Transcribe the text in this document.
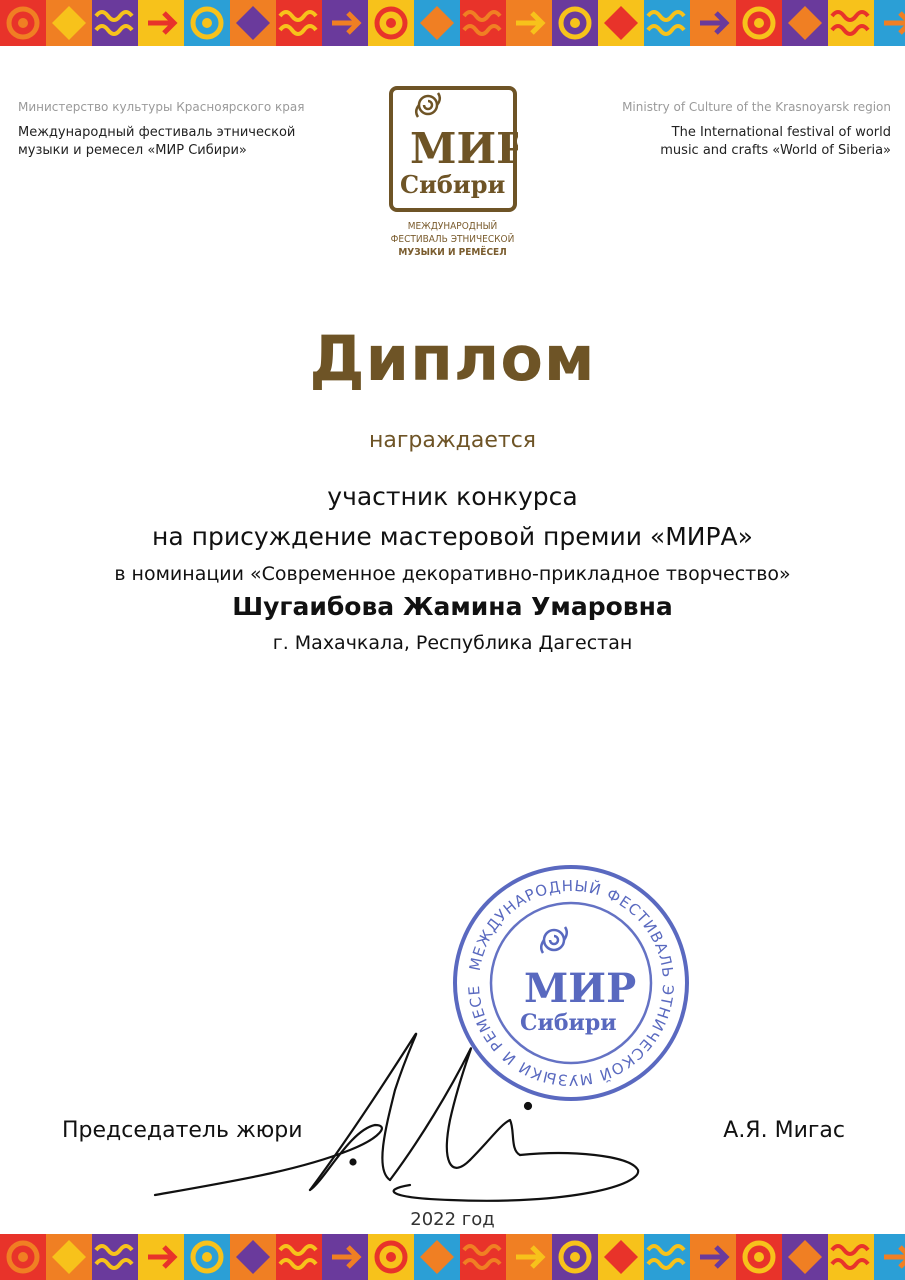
Министерство культуры Красноярского края
Международный фестиваль этнической
музыки и ремесел «МИР Сибири»
Ministry of Culture of the Krasnoyarsk region
The International festival of world
music and crafts «World of Siberia»
МИР
Сибири
МЕЖДУНАРОДНЫЙ
ФЕСТИВАЛЬ ЭТНИЧЕСКОЙ
МУЗЫКИ И РЕМЁСЕЛ
Диплом
награждается
участник конкурса
на присуждение мастеровой премии «МИРА»
в номинации «Современное декоративно-прикладное творчество»
Шугаибова Жамина Умаровна
г. Махачкала, Республика Дагестан
МЕЖДУНАРОДНЫЙ ФЕСТИВАЛЬ ЭТНИЧЕСКОЙ МУЗЫКИ И РЕМЕСЕ	МИР
Сибири
Председатель жюри	А.Я. Мигас
2022 год
